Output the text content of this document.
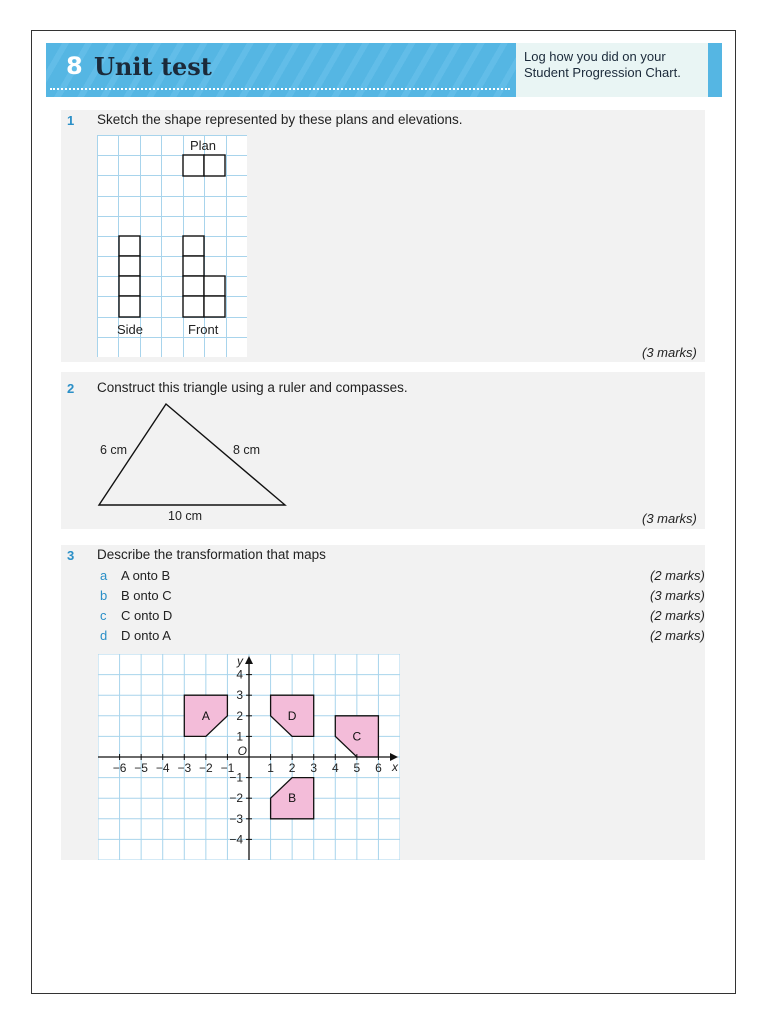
8 Unit test	Log how you did on your
Student Progression Chart.
1 Sketch the shape represented by these plans and elevations.
(3 marks)
Plan
Side	Front
2 Construct this triangle using a ruler and compasses.
(3 marks)
6 cm	8 cm
10 cm
3 Describe the transformation that maps
a A onto B	(2 marks)
b B onto C	(3 marks)
c C onto D	(2 marks)
d D onto A	(2 marks)
A
B
C
D
−6 −5 −4 −3 −2 −1	1 2 3 4 5 6
4
3
2
1
−1
−2
−3
−4
O
x
y
